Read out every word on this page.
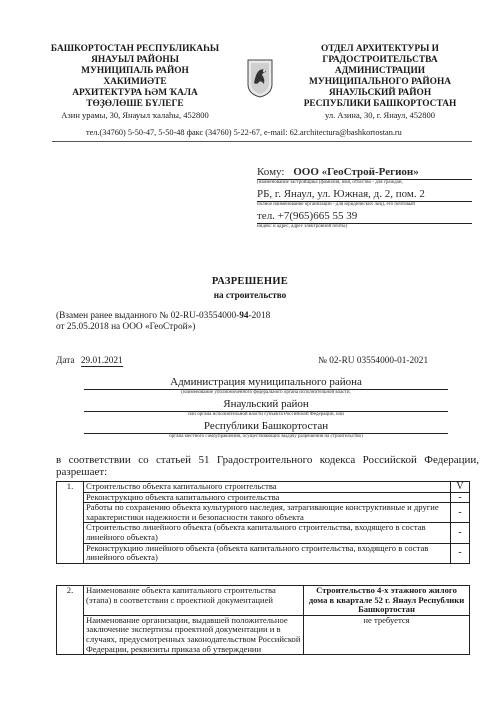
БАШКОРТОСТАН РЕСПУБЛИКАҺЫ
ЯНАУЫЛ РАЙОНЫ
МУНИЦИПАЛЬ РАЙОН
ХАКИМИӘТЕ
АРХИТЕКТУРА ҺӘМ ҠАЛА
ТӨҘӨЛӨШЕ БҮЛЕГЕ
Азин урамы, 30, Янауыл ҡалаһы, 452800
ОТДЕЛ АРХИТЕКТУРЫ И
ГРАДОСТРОИТЕЛЬСТВА
АДМИНИСТРАЦИИ
МУНИЦИПАЛЬНОГО РАЙОНА
ЯНАУЛЬСКИЙ РАЙОН
РЕСПУБЛИКИ БАШКОРТОСТАН
ул. Азина, 30, г. Янаул, 452800
тел.(34760) 5-50-47, 5-50-48 факс (34760) 5-22-67, e-mail: 62.architectura@bashkortostan.ru
Кому: ООО «ГеоСтрой-Регион»
(наименование застройщика (фамилия, имя, отчество - для граждан,
РБ, г. Янаул, ул. Южная, д. 2, пом. 2
полное наименование организации - для юридических лиц), его почтовый
тел. +7(965)665 55 39
индекс и адрес, адрес электронной почты)
РАЗРЕШЕНИЕ
на строительство
(Взамен ранее выданного № 02-RU-03554000-94-2018
от 25.05.2018 на ООО «ГеоСтрой»)
Дата 29.01.2021	№ 02-RU 03554000-01-2021
Администрация муниципального района
(наименование уполномоченного федерального органа исполнительной власти,
Янаульский район
или органа исполнительной власти субъекта Российской Федерации, или
Республики Башкортостан
органа местного самоуправления, осуществляющих выдачу разрешения на строительство)
в соответствии со статьей 51 Градостроительного кодекса Российской Федерации, разрешает:
1.	Строительство объекта капитального строительства	V
	Реконструкцию объекта капитального строительства	-
	Работы по сохранению объекта культурного наследия, затрагивающие конструктивные и другие характеристики надежности и безопасности такого объекта	-
	Строительство линейного объекта (объекта капитального строительства, входящего в состав линейного объекта)	-
	Реконструкцию линейного объекта (объекта капитального строительства, входящего в состав линейного объекта)	-
2.	Наименование объекта капитального строительства (этапа) в соответствии с проектной документацией	Строительство 4-х этажного жилого дома в квартале 52 г. Янаул Республики Башкортостан
	Наименование организации, выдавшей положительное заключение экспертизы проектной документации и в случаях, предусмотренных законодательством Российской Федерации, реквизиты приказа об утверждении	не требуется
